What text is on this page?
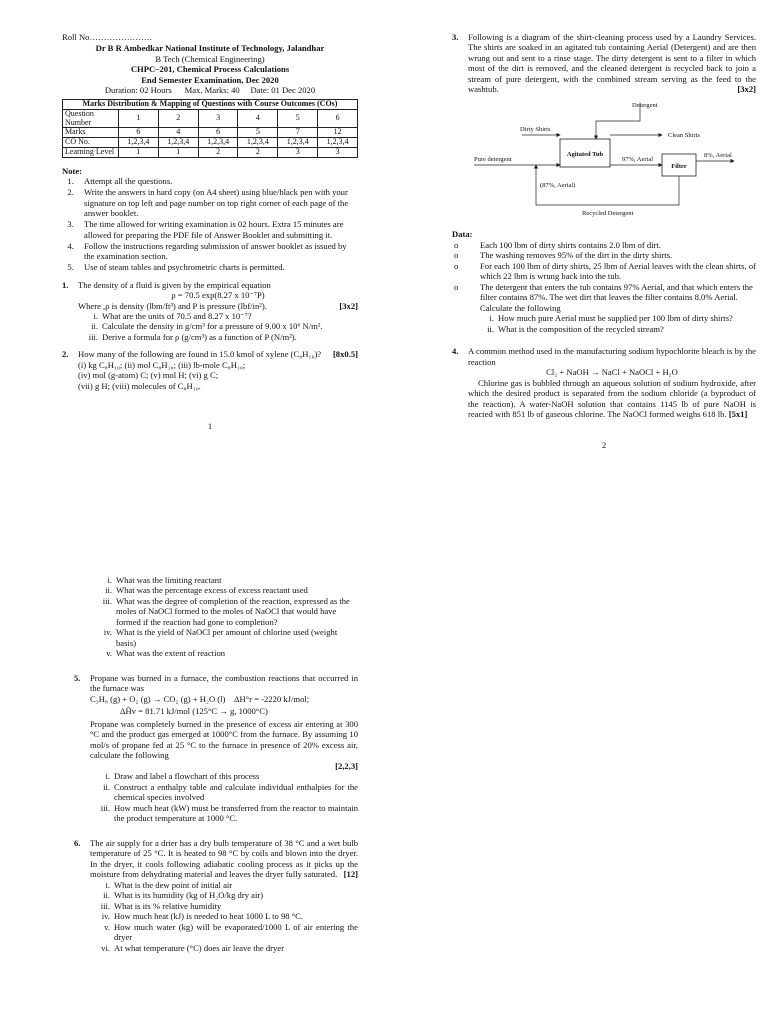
Roll No………………….
Dr B R Ambedkar National Institute of Technology, Jalandhar
B Tech (Chemical Engineering)
CHPC–201, Chemical Process Calculations
End Semester Examination, Dec 2020
Duration: 02 Hours Max. Marks: 40 Date: 01 Dec 2020
Marks Distribution & Mapping of Questions with Course Outcomes (COs)						
Question Number	1	2	3	4	5	6
Marks	6	4	6	5	7	12
CO No.	1,2,3,4	1,2,3,4	1,2,3,4	1,2,3,4	1,2,3,4	1,2,3,4
Learning Level	1	1	2	2	3	3
Note:
1. Attempt all the questions.
2. Write the answers in hard copy (on A4 sheet) using blue/black pen with your signature on top left and page number on top right corner of each page of the answer booklet.
3. The time allowed for writing examination is 02 hours. Extra 15 minutes are allowed for preparing the PDF file of Answer Booklet and submitting it.
4. Follow the instructions regarding submission of answer booklet as issued by the examination section.
5. Use of steam tables and psychrometric charts is permitted.
1.	The density of a fluid is given by the empirical equation
ρ = 70.5 exp(8.27 x 10⁻⁷P)
Where ,ρ is density (lbm/ft³) and P is pressure (lbf/in²).	[3x2]
i. What are the units of 70.5 and 8.27 x 10⁻⁷?
ii. Calculate the density in g/cm³ for a pressure of 9.00 x 10⁶ N/m².
iii. Derive a formula for ρ (g/cm³) as a function of P (N/m²).
2.	How many of the following are found in 15.0 kmol of xylene (C₈H₁₀)? [8x0.5]
(i) kg C₈H₁₀; (ii) mol C₈H₁₀; (iii) lb-mole C₈H₁₀;
(iv) mol (g-atom) C; (v) mol H; (vi) g C;
(vii) g H; (viii) molecules of C₈H₁₀.
1
3.	Following is a diagram of the shirt-cleaning process used by a Laundry Services. The shirts are soaked in an agitated tub containing Aerial (Detergent) and are then wrung out and sent to a rinse stage. The dirty detergent is sent to a filter in which most of the dirt is removed, and the cleaned detergent is recycled back to join a stream of pure detergent, with the combined stream serving as the feed to the washtub.	[3x2]
Agitated Tub
Filter
Detergent
Dirty Shirts
Clean Shirts
Pure detergent	97%, Aerial
8%, Aerial
Recycled Detergent
(87%, Aerial)
Data:
o	Each 100 lbm of dirty shirts contains 2.0 lbm of dirt.
o	The washing removes 95% of the dirt in the dirty shirts.
o	For each 100 lbm of dirty shirts, 25 lbm of Aerial leaves with the clean shirts, of which 22 lbm is wrung back into the tub.
o	The detergent that enters the tub contains 97% Aerial, and that which enters the filter contains 87%. The wet dirt that leaves the filter contains 8.0% Aerial.
Calculate the following
i. How much pure Aerial must be supplied per 100 lbm of dirty shirts?
ii. What is the composition of the recycled stream?
4.	A common method used in the manufacturing sodium hypochlorite bleach is by the reaction
Cl₂ + NaOH → NaCl + NaOCl + H₂O
Chlorine gas is bubbled through an aqueous solution of sodium hydroxide, after which the desired product is separated from the sodium chloride (a byproduct of the reaction). A water-NaOH solution that contains 1145 lb of pure NaOH is reacted with 851 lb of gaseous chlorine. The NaOCl formed weighs 618 lb. [5x1]
2
i. What was the limiting reactant
ii. What was the percentage excess of excess reactant used
iii. What was the degree of completion of the reaction, expressed as the moles of NaOCl formed to the moles of NaOCl that would have formed if the reaction had gone to completion?
iv. What is the yield of NaOCl per amount of chlorine used (weight basis)
v. What was the extent of reaction
5.	Propane was burned in a furnace, the combustion reactions that occurred in the furnace was
C₃H₈ (g) + O₂ (g) → CO₂ (g) + H₂O (l) ΔH°r = -2220 kJ/mol;
ΔĤv = 81.71 kJ/mol (125°C → g, 1000°C)
Propane was completely burned in the presence of excess air entering at 300 °C and the product gas emerged at 1000°C from the furnace. By assuming 10 mol/s of propane fed at 25 °C to the furnace in presence of 20% excess air, calculate the following
[2,2,3]
i. Draw and label a flowchart of this process
ii. Construct a enthalpy table and calculate individual enthalpies for the chemical species involved
iii. How much heat (kW) must be transferred from the reactor to maintain the product temperature at 1000 °C.
6.	The air supply for a drier has a dry bulb temperature of 38 °C and a wet bulb temperature of 25 °C. It is heated to 98 °C by coils and blown into the dryer. In the dryer, it cools following adiabatic cooling process as it picks up the moisture from dehydrating material and leaves the dryer fully saturated. [12]
i. What is the dew point of initial air
ii. What is its humidity (kg of H₂O/kg dry air)
iii. What is its % relative humidity
iv. How much heat (kJ) is needed to heat 1000 L to 98 °C.
v. How much water (kg) will be evaporated/1000 L of air entering the dryer
vi. At what temperature (°C) does air leave the dryer
